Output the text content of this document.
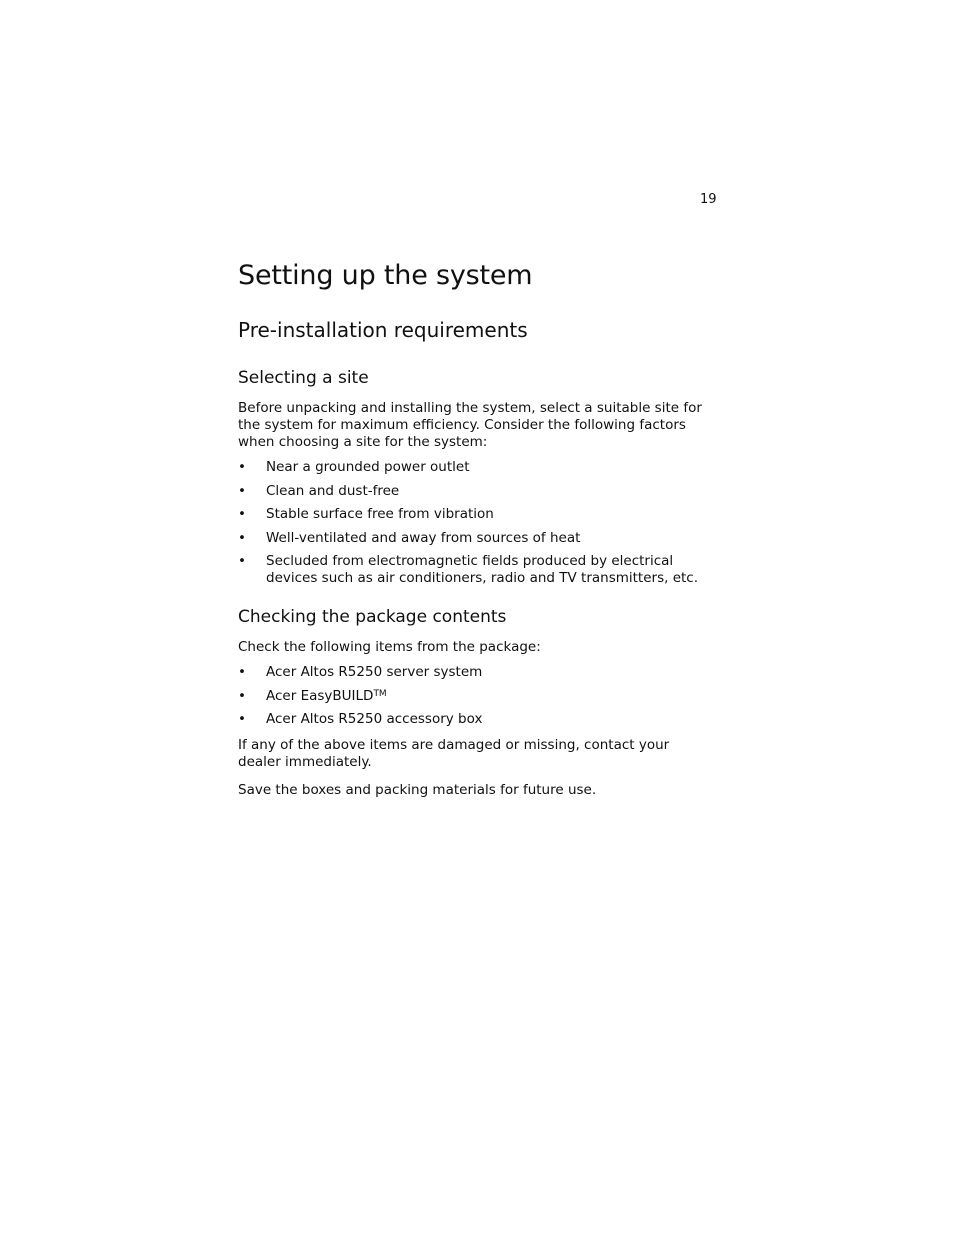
19
Setting up the system
Pre-installation requirements
Selecting a site

Before unpacking and installing the system, select a suitable site for the system for maximum efficiency. Consider the following factors when choosing a site for the system:

• Near a grounded power outlet
• Clean and dust-free
• Stable surface free from vibration
• Well-ventilated and away from sources of heat
• Secluded from electromagnetic fields produced by electrical devices such as air conditioners, radio and TV transmitters, etc.
Checking the package contents

Check the following items from the package:

• Acer Altos R5250 server system
• Acer EasyBUILD™
• Acer Altos R5250 accessory box

If any of the above items are damaged or missing, contact your dealer immediately.

Save the boxes and packing materials for future use.
